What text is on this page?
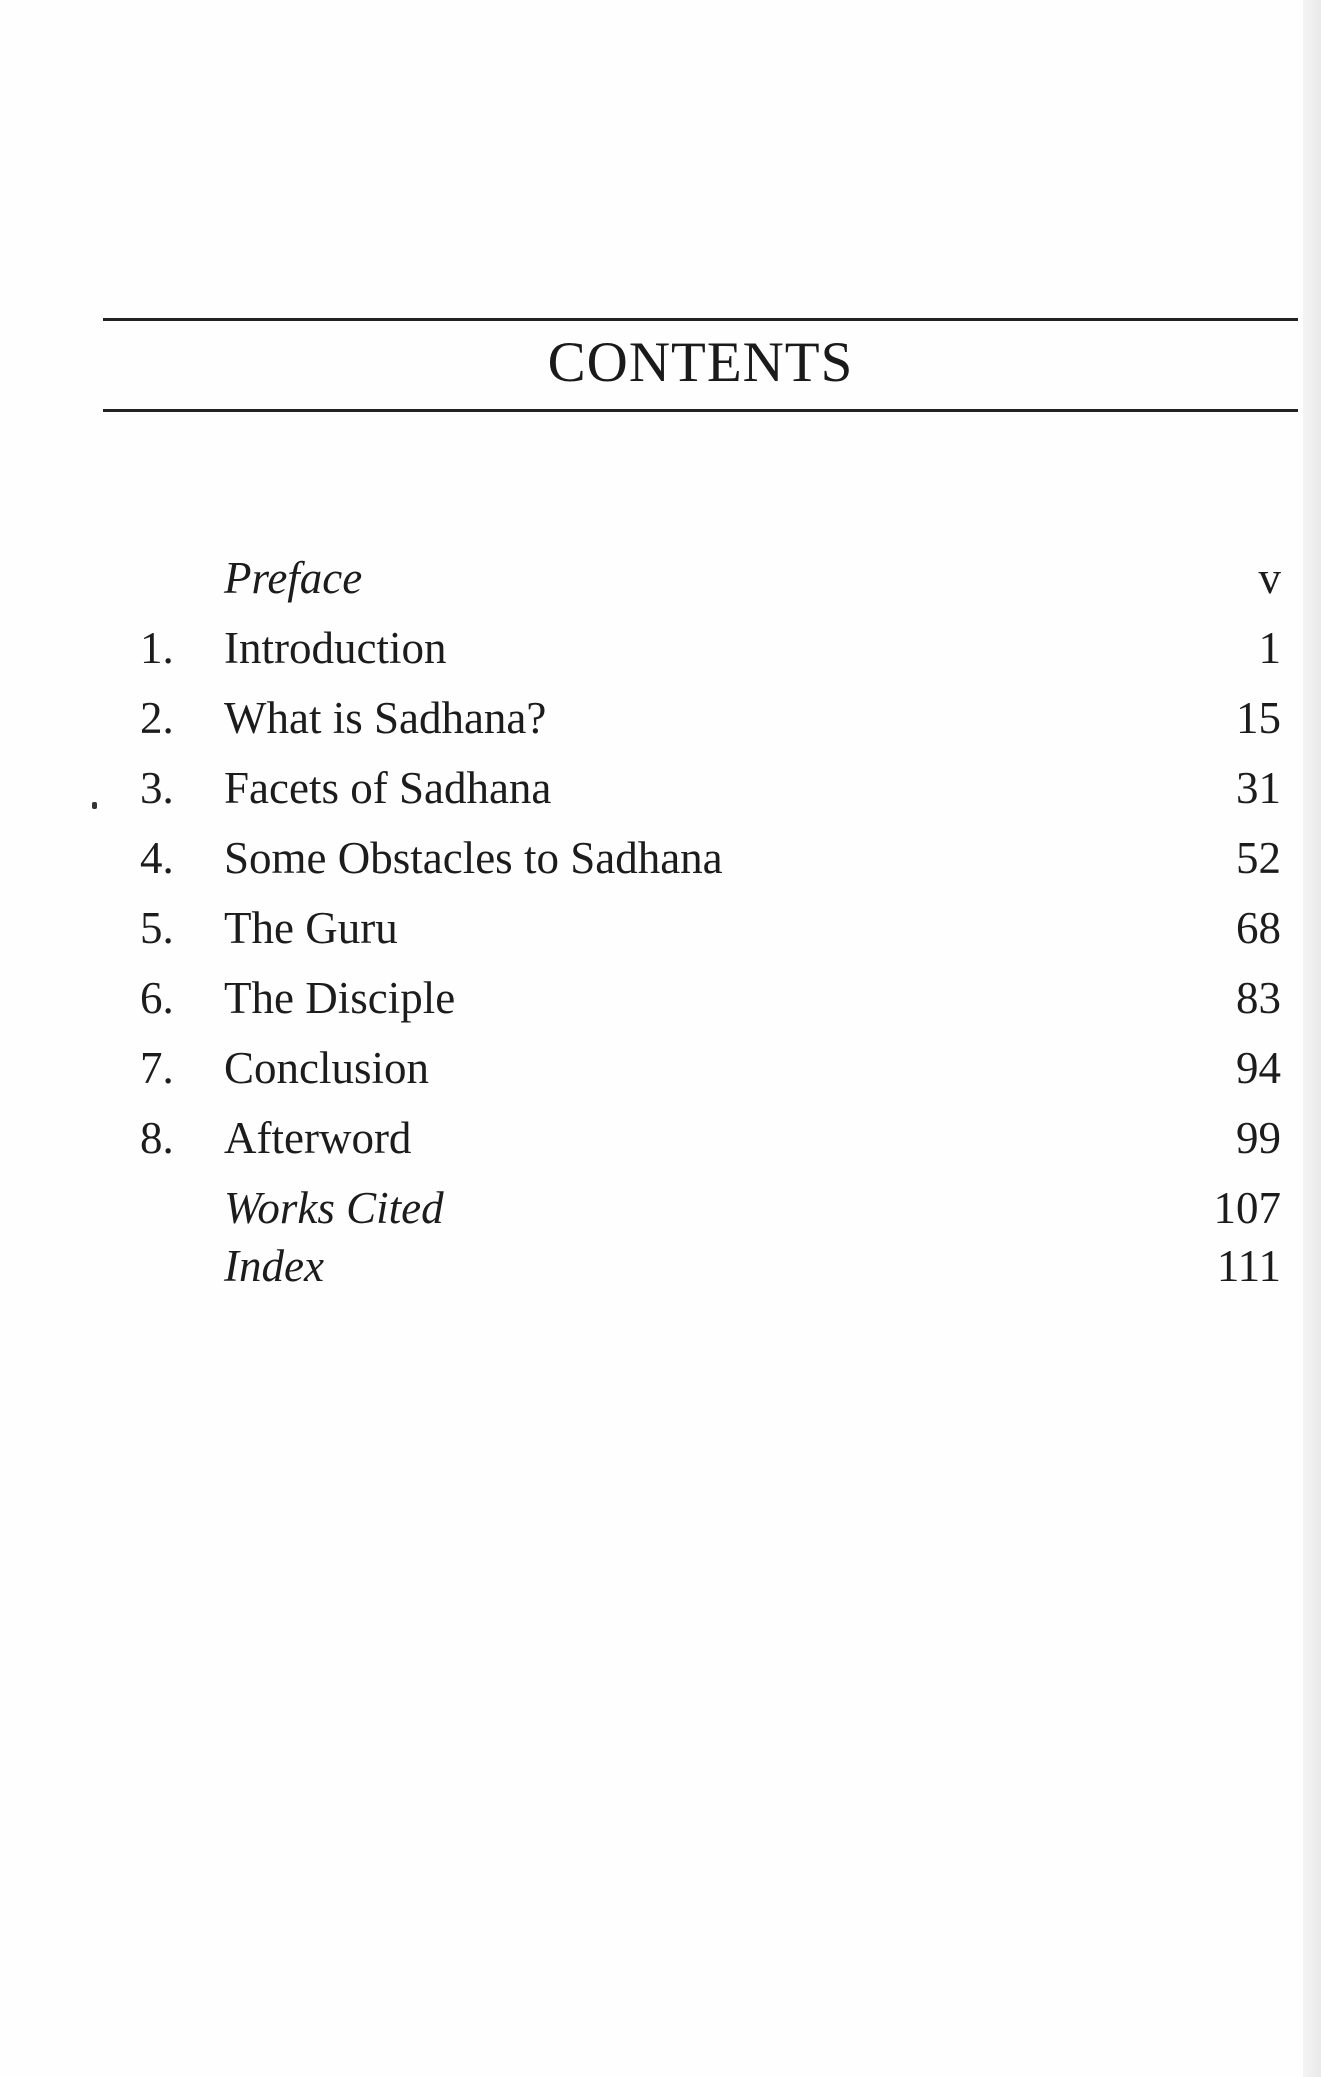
CONTENTS
Preface	v
1.	Introduction	1
2.	What is Sadhana?	15
3.	Facets of Sadhana	31
4.	Some Obstacles to Sadhana	52
5.	The Guru	68
6.	The Disciple	83
7.	Conclusion	94
8.	Afterword	99
Works Cited	107
Index	111
